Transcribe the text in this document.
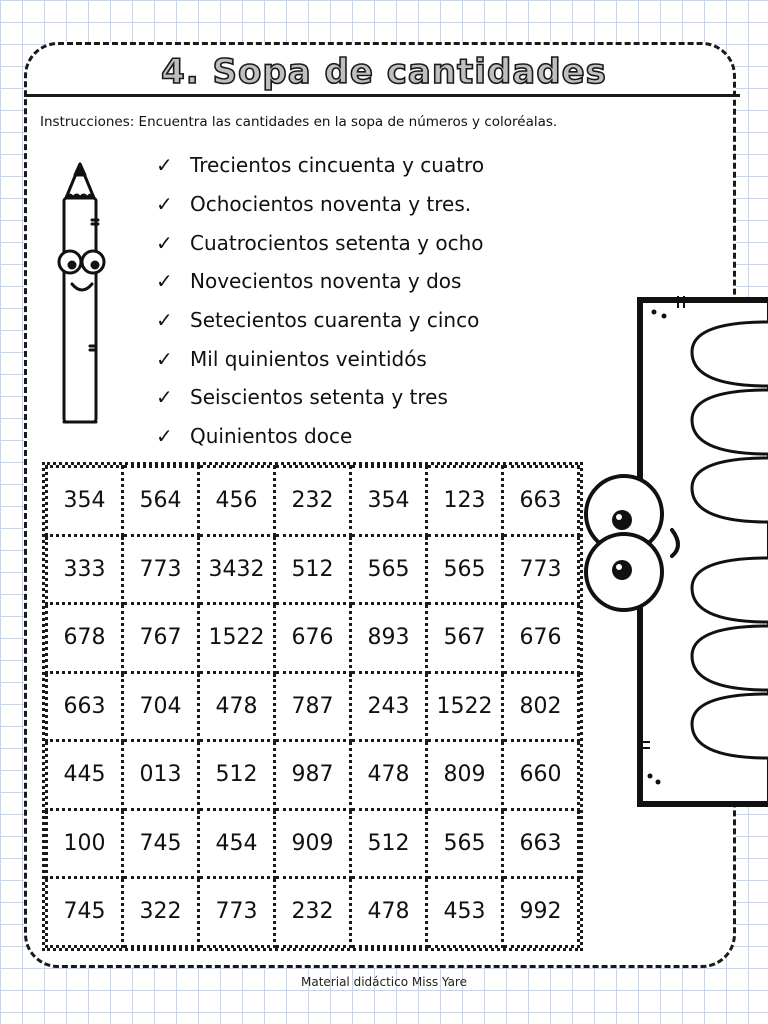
4. Sopa de cantidades
Instrucciones: Encuentra las cantidades en la sopa de números y coloréalas.
✓ Trecientos cincuenta y cuatro
✓ Ochocientos noventa y tres.
✓ Cuatrocientos setenta y ocho
✓ Novecientos noventa y dos
✓ Setecientos cuarenta y cinco
✓ Mil quinientos veintidós
✓ Seiscientos setenta y tres
✓ Quinientos doce
354	564	456	232	354	123	663
333	773	3432	512	565	565	773
678	767	1522	676	893	567	676
663	704	478	787	243	1522	802
445	013	512	987	478	809	660
100	745	454	909	512	565	663
745	322	773	232	478	453	992
Material didáctico Miss Yare
